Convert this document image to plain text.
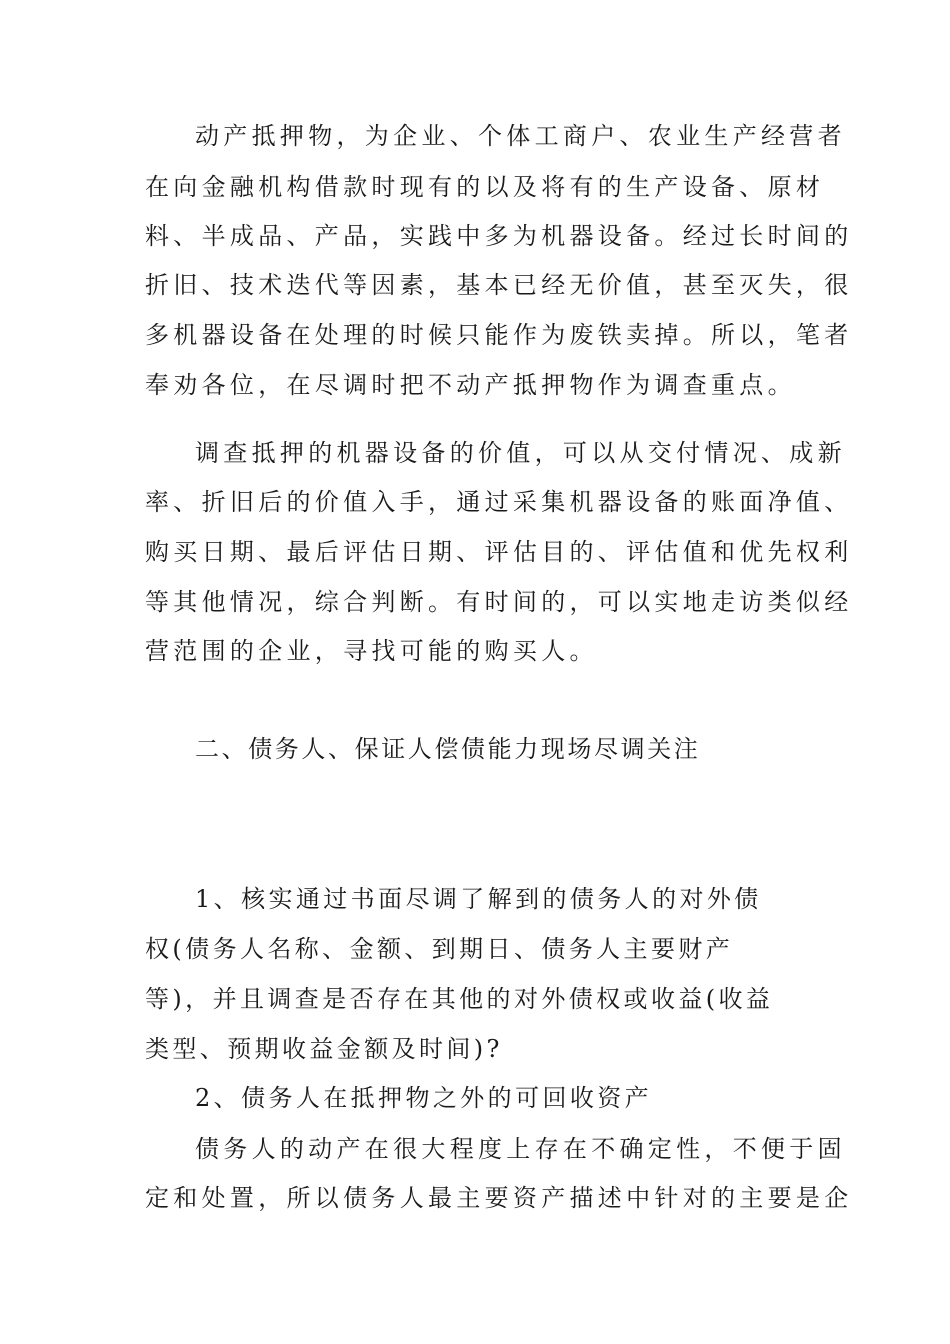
动产抵押物，为企业、个体工商户、农业生产经营者
在向金融机构借款时现有的以及将有的生产设备、原材
料、半成品、产品，实践中多为机器设备。经过长时间的
折旧、技术迭代等因素，基本已经无价值，甚至灭失，很
多机器设备在处理的时候只能作为废铁卖掉。所以，笔者
奉劝各位，在尽调时把不动产抵押物作为调查重点。
调查抵押的机器设备的价值，可以从交付情况、成新
率、折旧后的价值入手，通过采集机器设备的账面净值、
购买日期、最后评估日期、评估目的、评估值和优先权利
等其他情况，综合判断。有时间的，可以实地走访类似经
营范围的企业，寻找可能的购买人。
二、债务人、保证人偿债能力现场尽调关注
1、核实通过书面尽调了解到的债务人的对外债
权(债务人名称、金额、到期日、债务人主要财产
等)，并且调查是否存在其他的对外债权或收益(收益
类型、预期收益金额及时间)?
2、债务人在抵押物之外的可回收资产
债务人的动产在很大程度上存在不确定性，不便于固
定和处置，所以债务人最主要资产描述中针对的主要是企
